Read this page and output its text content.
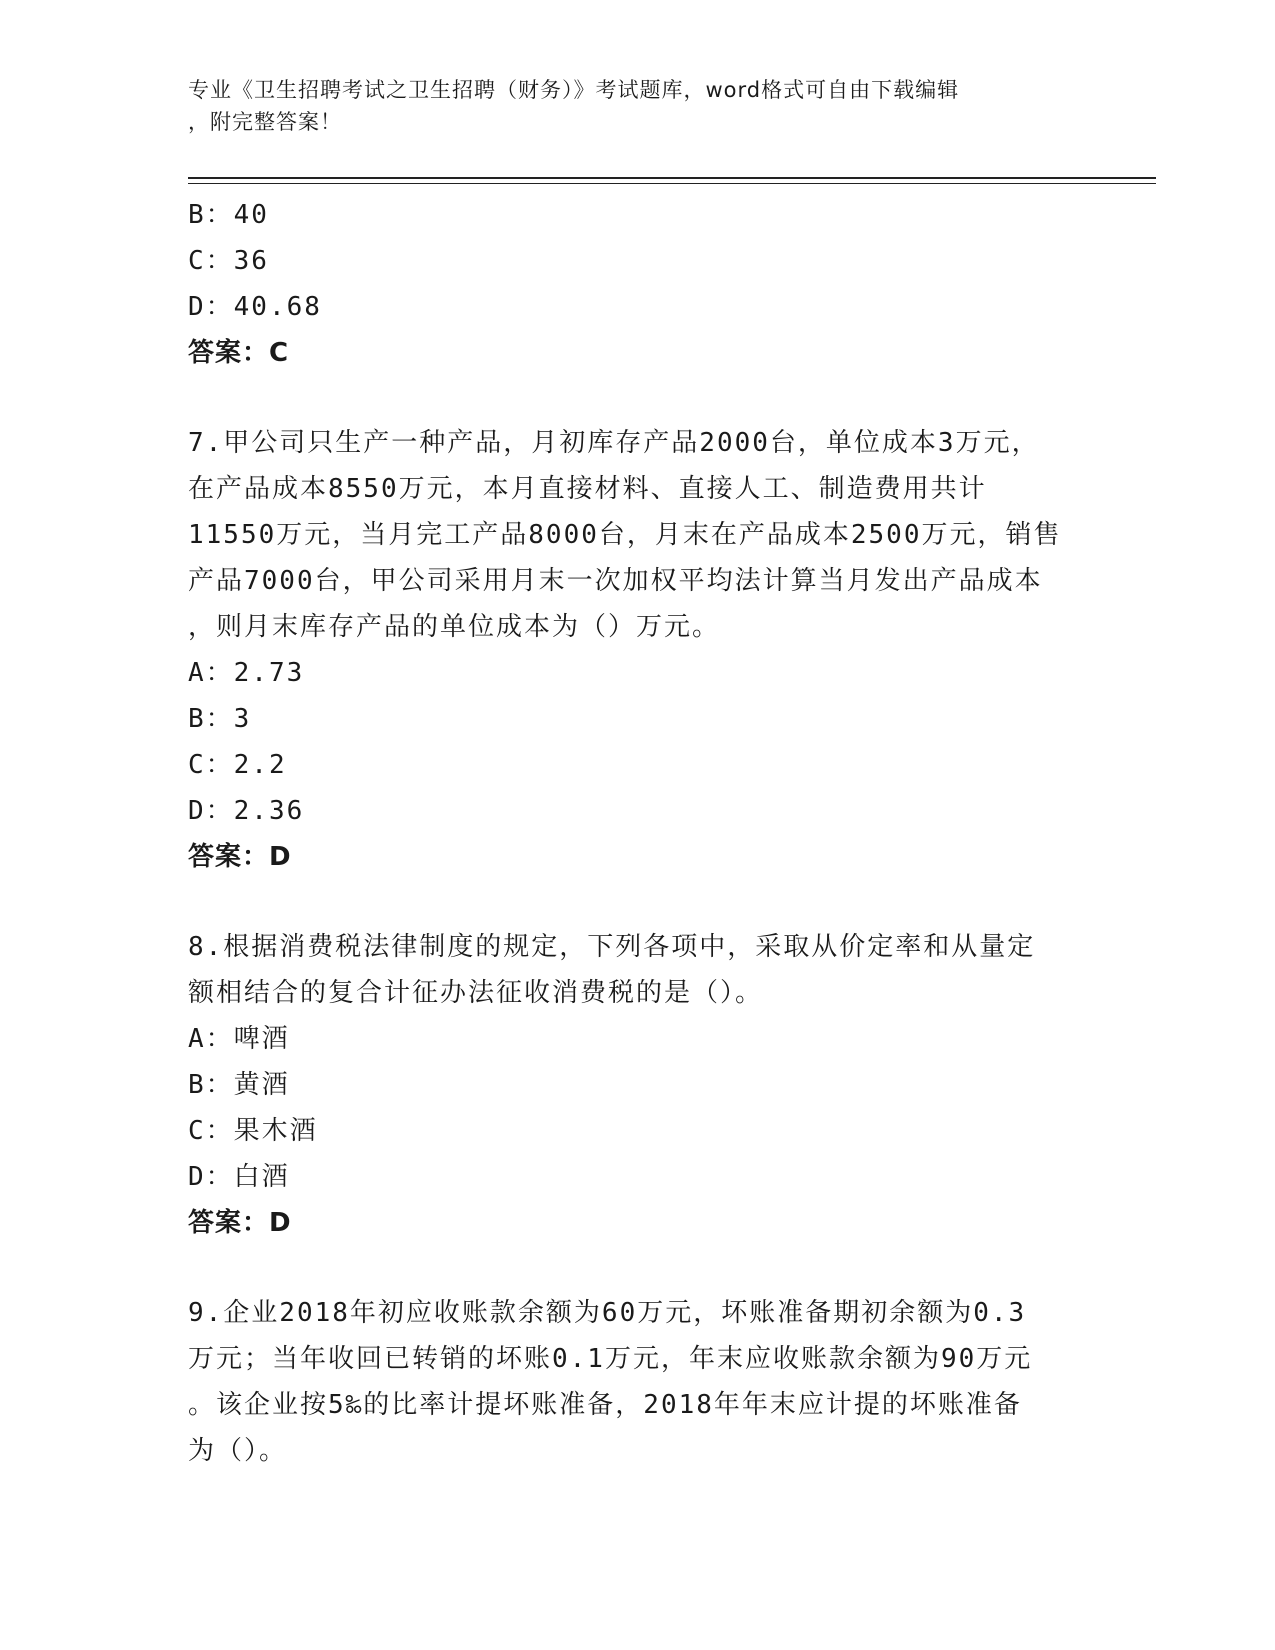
专业《卫生招聘考试之卫生招聘（财务）》考试题库，word格式可自由下载编辑
，附完整答案！
B：40
C：36
D：40.68
答案：C
7.甲公司只生产一种产品，月初库存产品2000台，单位成本3万元，
在产品成本8550万元，本月直接材料、直接人工、制造费用共计
11550万元，当月完工产品8000台，月末在产品成本2500万元，销售
产品7000台，甲公司采用月末一次加权平均法计算当月发出产品成本
，则月末库存产品的单位成本为（）万元。
A：2.73
B：3
C：2.2
D：2.36
答案：D
8.根据消费税法律制度的规定，下列各项中，采取从价定率和从量定
额相结合的复合计征办法征收消费税的是（）。
A：啤酒
B：黄酒
C：果木酒
D：白酒
答案：D
9.企业2018年初应收账款余额为60万元，坏账准备期初余额为0.3
万元；当年收回已转销的坏账0.1万元，年末应收账款余额为90万元
。该企业按5‰的比率计提坏账准备，2018年年末应计提的坏账准备
为（）。
